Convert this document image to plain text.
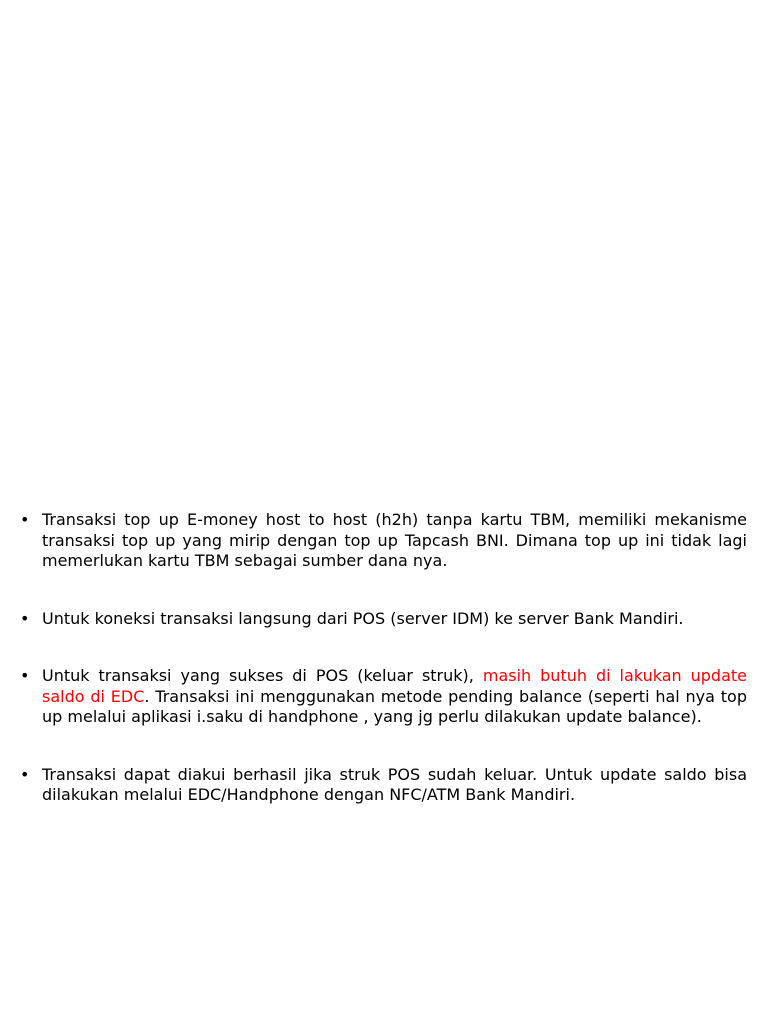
• Transaksi top up E-money host to host (h2h) tanpa kartu TBM, memiliki mekanisme transaksi top up yang mirip dengan top up Tapcash BNI. Dimana top up ini tidak lagi memerlukan kartu TBM sebagai sumber dana nya.
• Untuk koneksi transaksi langsung dari POS (server IDM) ke server Bank Mandiri.
• Untuk transaksi yang sukses di POS (keluar struk), masih butuh di lakukan update saldo di EDC. Transaksi ini menggunakan metode pending balance (seperti hal nya top up melalui aplikasi i.saku di handphone , yang jg perlu dilakukan update balance).
• Transaksi dapat diakui berhasil jika struk POS sudah keluar. Untuk update saldo bisa dilakukan melalui EDC/Handphone dengan NFC/ATM Bank Mandiri.
